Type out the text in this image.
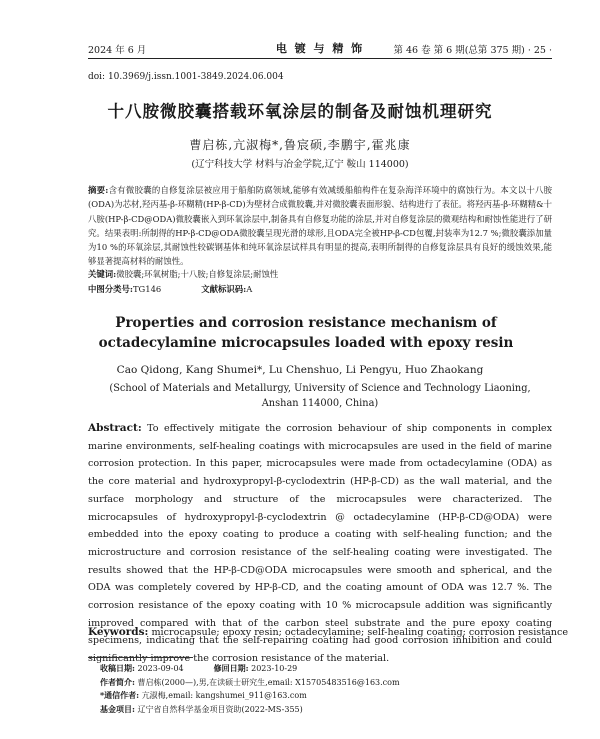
2024 年 6 月	电 镀 与 精 饰	第 46 卷 第 6 期(总第 375 期) · 25 ·
doi: 10.3969/j.issn.1001-3849.2024.06.004
十八胺微胶囊搭载环氧涂层的制备及耐蚀机理研究
曹启栋,亢淑梅*,鲁宸硕,李鹏宇,霍兆康
(辽宁科技大学 材料与冶金学院,辽宁 鞍山 114000)
摘要:含有微胶囊的自修复涂层被应用于船舶防腐领域,能够有效减缓船舶构件在复杂海洋环境中的腐蚀行为。本文以十八胺(ODA)为芯材,羟丙基-β-环糊精(HP-β-CD)为壁材合成微胶囊,并对微胶囊表面形貌、结构进行了表征。将羟丙基-β-环糊精&十八胺(HP-β-CD@ODA)微胶囊嵌入到环氧涂层中,制备具有自修复功能的涂层,并对自修复涂层的微观结构和耐蚀性能进行了研究。结果表明:所制得的HP-β-CD@ODA微胶囊呈现光滑的球形,且ODA完全被HP-β-CD包覆,封装率为12.7 %;微胶囊添加量为10 %的环氧涂层,其耐蚀性较碳钢基体和纯环氧涂层试样具有明显的提高,表明所制得的自修复涂层具有良好的缓蚀效果,能够显著提高材料的耐蚀性。
关键词:微胶囊;环氧树脂;十八胺;自修复涂层;耐蚀性
中图分类号:TG146	文献标识码:A
Properties and corrosion resistance mechanism of octadecylamine microcapsules loaded with epoxy resin
Cao Qidong, Kang Shumei*, Lu Chenshuo, Li Pengyu, Huo Zhaokang
(School of Materials and Metallurgy, University of Science and Technology Liaoning, Anshan 114000, China)
Abstract: To effectively mitigate the corrosion behaviour of ship components in complex marine environments, self-healing coatings with microcapsules are used in the field of marine corrosion protection. In this paper, microcapsules were made from octadecylamine (ODA) as the core material and hydroxypropyl-β-cyclodextrin (HP-β-CD) as the wall material, and the surface morphology and structure of the microcapsules were characterized. The microcapsules of hydroxypropyl-β-cyclodextrin @ octadecylamine (HP-β-CD@ODA) were embedded into the epoxy coating to produce a coating with self-healing function; and the microstructure and corrosion resistance of the self-healing coating were investigated. The results showed that the HP-β-CD@ODA microcapsules were smooth and spherical, and the ODA was completely covered by HP-β-CD, and the coating amount of ODA was 12.7 %. The corrosion resistance of the epoxy coating with 10 % microcapsule addition was significantly improved compared with that of the carbon steel substrate and the pure epoxy coating specimens, indicating that the self-repairing coating had good corrosion inhibition and could significantly improve the corrosion resistance of the material.
Keywords: microcapsule; epoxy resin; octadecylamine; self-healing coating; corrosion resistance
收稿日期: 2023-09-04	修回日期: 2023-10-29
作者简介: 曹启栋(2000—),男,在读硕士研究生,email: X15705483516@163.com
*通信作者: 亢淑梅,email: kangshumei_911@163.com
基金项目: 辽宁省自然科学基金项目资助(2022-MS-355)
